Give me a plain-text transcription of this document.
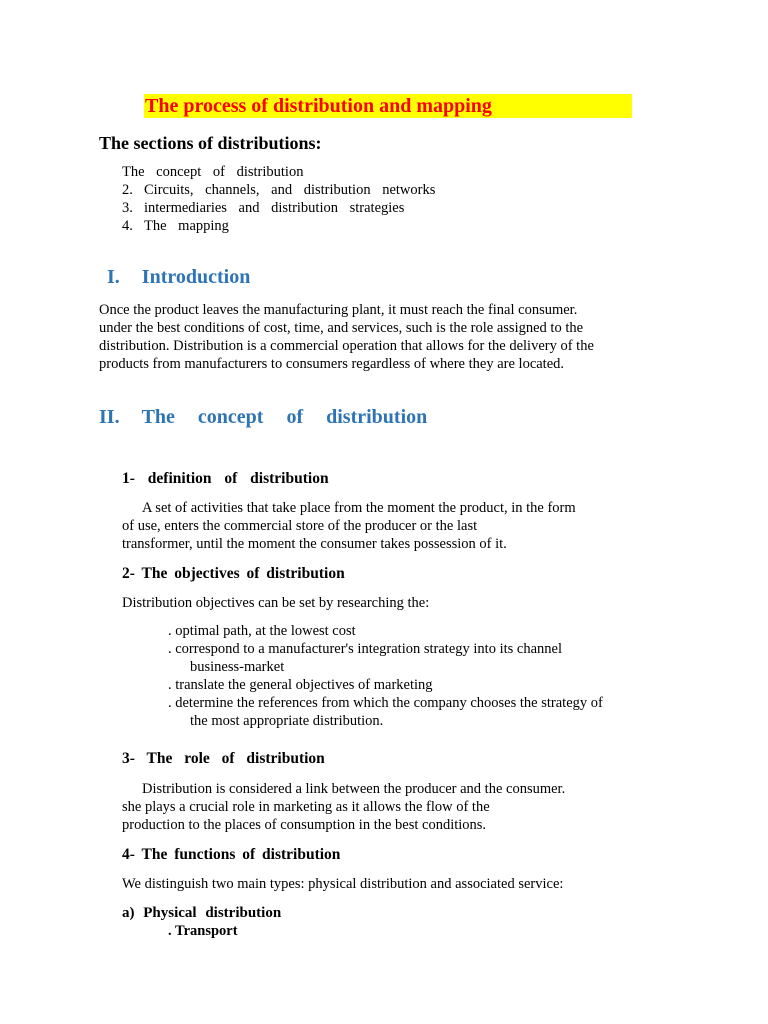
The process of distribution and mapping
The sections of distributions:
The concept of distribution
2. Circuits, channels, and distribution networks
3. intermediaries and distribution strategies
4. The mapping
I. Introduction
Once the product leaves the manufacturing plant, it must reach the final consumer.
under the best conditions of cost, time, and services, such is the role assigned to the
distribution. Distribution is a commercial operation that allows for the delivery of the
products from manufacturers to consumers regardless of where they are located.
II. The concept of distribution
1- definition of distribution
A set of activities that take place from the moment the product, in the form
of use, enters the commercial store of the producer or the last
transformer, until the moment the consumer takes possession of it.
2- The objectives of distribution
Distribution objectives can be set by researching the:
. optimal path, at the lowest cost
. correspond to a manufacturer's integration strategy into its channel
business-market
. translate the general objectives of marketing
. determine the references from which the company chooses the strategy of
the most appropriate distribution.
3- The role of distribution
Distribution is considered a link between the producer and the consumer.
she plays a crucial role in marketing as it allows the flow of the
production to the places of consumption in the best conditions.
4- The functions of distribution
We distinguish two main types: physical distribution and associated service:
a) Physical distribution
. Transport
